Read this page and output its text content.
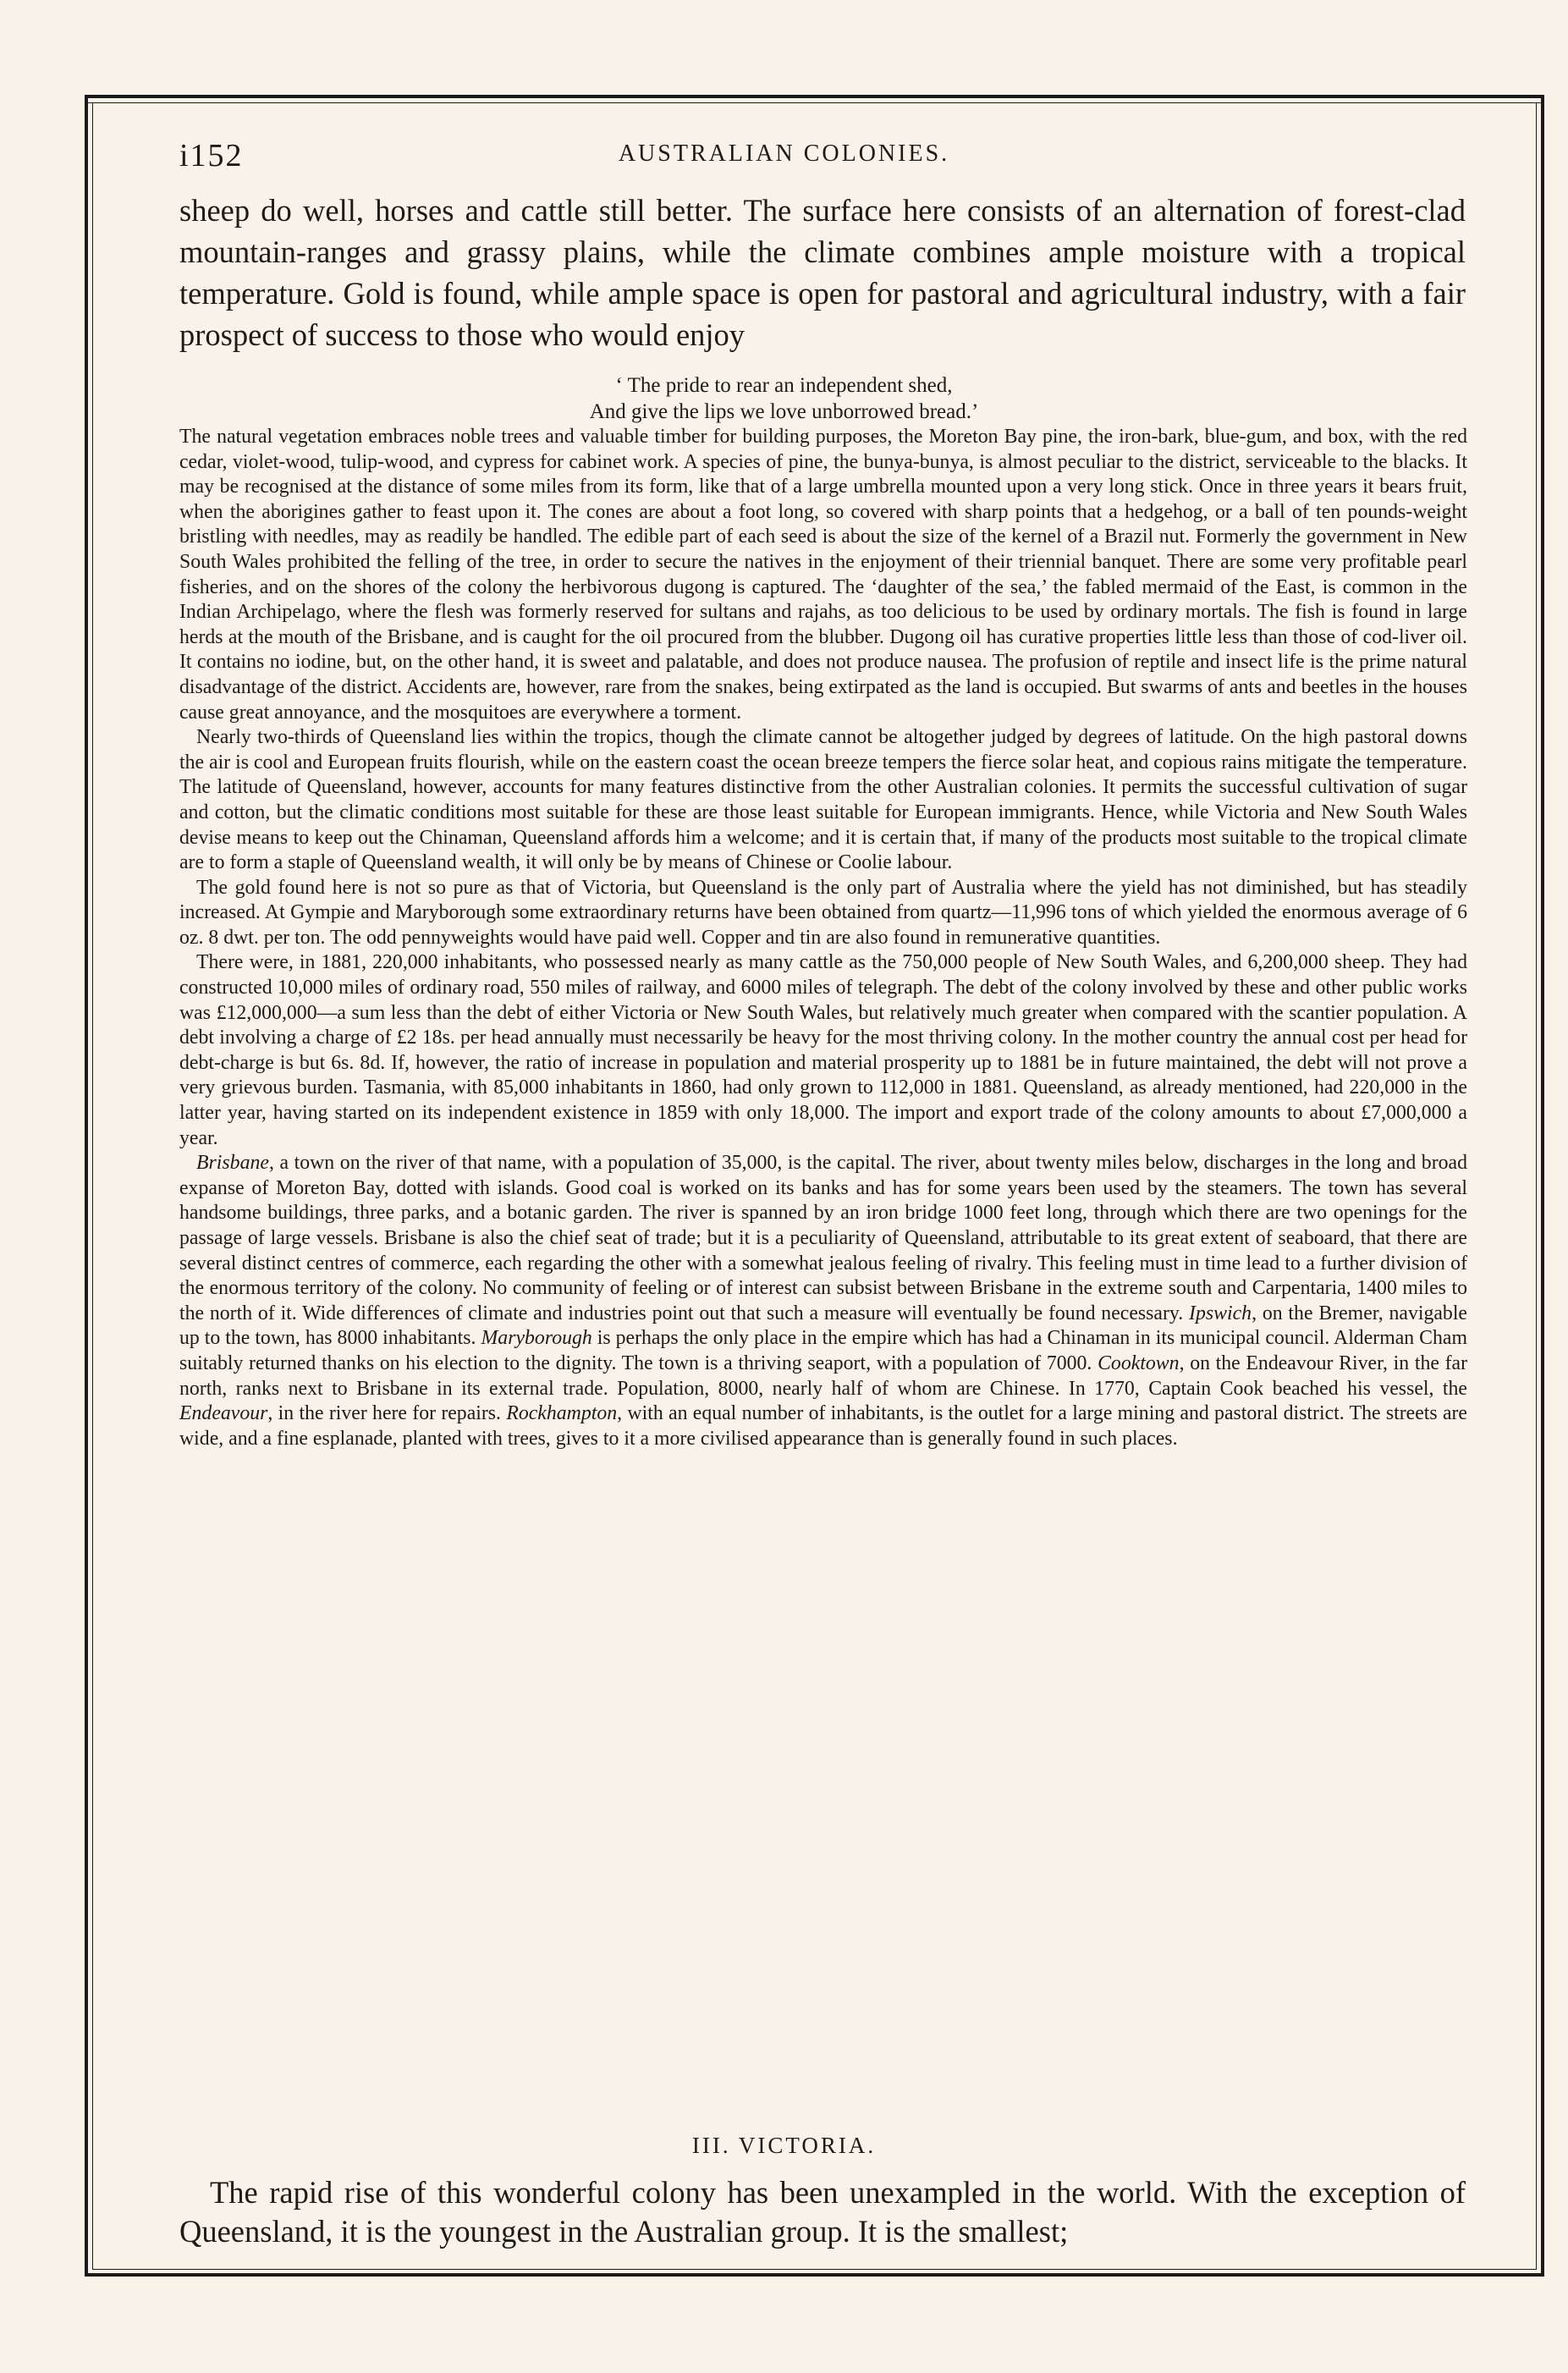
i152	AUSTRALIAN COLONIES.

sheep do well, horses and cattle still better. The surface here consists of an alternation of forest-clad mountain-ranges and grassy plains, while the climate combines ample moisture with a tropical temperature. Gold is found, while ample space is open for pastoral and agricultural industry, with a fair prospect of success to those who would enjoy

‘ The pride to rear an independent shed,
And give the lips we love unborrowed bread.’

The natural vegetation embraces noble trees and valuable timber for building purposes, the Moreton Bay pine, the iron-bark, blue-gum, and box, with the red cedar, violet-wood, tulip-wood, and cypress for cabinet work. A species of pine, the bunya-bunya, is almost peculiar to the district, serviceable to the blacks. It may be recognised at the distance of some miles from its form, like that of a large umbrella mounted upon a very long stick. Once in three years it bears fruit, when the aborigines gather to feast upon it. The cones are about a foot long, so covered with sharp points that a hedgehog, or a ball of ten pounds-weight bristling with needles, may as readily be handled. The edible part of each seed is about the size of the kernel of a Brazil nut. Formerly the government in New South Wales prohibited the felling of the tree, in order to secure the natives in the enjoyment of their triennial banquet. There are some very profitable pearl fisheries, and on the shores of the colony the herbivorous dugong is captured. The ‘daughter of the sea,’ the fabled mermaid of the East, is common in the Indian Archipelago, where the flesh was formerly reserved for sultans and rajahs, as too delicious to be used by ordinary mortals. The fish is found in large herds at the mouth of the Brisbane, and is caught for the oil procured from the blubber. Dugong oil has curative properties little less than those of cod-liver oil. It contains no iodine, but, on the other hand, it is sweet and palatable, and does not produce nausea. The profusion of reptile and insect life is the prime natural disadvantage of the district. Accidents are, however, rare from the snakes, being extirpated as the land is occupied. But swarms of ants and beetles in the houses cause great annoyance, and the mosquitoes are everywhere a torment.

Nearly two-thirds of Queensland lies within the tropics, though the climate cannot be altogether judged by degrees of latitude. On the high pastoral downs the air is cool and European fruits flourish, while on the eastern coast the ocean breeze tempers the fierce solar heat, and copious rains mitigate the temperature. The latitude of Queensland, however, accounts for many features distinctive from the other Australian colonies. It permits the successful cultivation of sugar and cotton, but the climatic conditions most suitable for these are those least suitable for European immigrants. Hence, while Victoria and New South Wales devise means to keep out the Chinaman, Queensland affords him a welcome; and it is certain that, if many of the products most suitable to the tropical climate are to form a staple of Queensland wealth, it will only be by means of Chinese or Coolie labour.

The gold found here is not so pure as that of Victoria, but Queensland is the only part of Australia where the yield has not diminished, but has steadily increased. At Gympie and Maryborough some extraordinary returns have been obtained from quartz—11,996 tons of which yielded the enormous average of 6 oz. 8 dwt. per ton. The odd pennyweights would have paid well. Copper and tin are also found in remunerative quantities.

There were, in 1881, 220,000 inhabitants, who possessed nearly as many cattle as the 750,000 people of New South Wales, and 6,200,000 sheep. They had constructed 10,000 miles of ordinary road, 550 miles of railway, and 6000 miles of telegraph. The debt of the colony involved by these and other public works was £12,000,000—a sum less than the debt of either Victoria or New South Wales, but relatively much greater when compared with the scantier population. A debt involving a charge of £2 18s. per head annually must necessarily be heavy for the most thriving colony. In the mother country the annual cost per head for debt-charge is but 6s. 8d. If, however, the ratio of increase in population and material prosperity up to 1881 be in future maintained, the debt will not prove a very grievous burden. Tasmania, with 85,000 inhabitants in 1860, had only grown to 112,000 in 1881. Queensland, as already mentioned, had 220,000 in the latter year, having started on its independent existence in 1859 with only 18,000. The import and export trade of the colony amounts to about £7,000,000 a year.

Brisbane, a town on the river of that name, with a population of 35,000, is the capital. The river, about twenty miles below, discharges in the long and broad expanse of Moreton Bay, dotted with islands. Good coal is worked on its banks and has for some years been used by the steamers. The town has several handsome buildings, three parks, and a botanic garden. The river is spanned by an iron bridge 1000 feet long, through which there are two openings for the passage of large vessels. Brisbane is also the chief seat of trade; but it is a peculiarity of Queensland, attributable to its great extent of seaboard, that there are several distinct centres of commerce, each regarding the other with a somewhat jealous feeling of rivalry. This feeling must in time lead to a further division of the enormous territory of the colony. No community of feeling or of interest can subsist between Brisbane in the extreme south and Carpentaria, 1400 miles to the north of it. Wide differences of climate and industries point out that such a measure will eventually be found necessary. Ipswich, on the Bremer, navigable up to the town, has 8000 inhabitants. Maryborough is perhaps the only place in the empire which has had a Chinaman in its municipal council. Alderman Cham suitably returned thanks on his election to the dignity. The town is a thriving seaport, with a population of 7000. Cooktown, on the Endeavour River, in the far north, ranks next to Brisbane in its external trade. Population, 8000, nearly half of whom are Chinese. In 1770, Captain Cook beached his vessel, the Endeavour, in the river here for repairs. Rockhampton, with an equal number of inhabitants, is the outlet for a large mining and pastoral district. The streets are wide, and a fine esplanade, planted with trees, gives to it a more civilised appearance than is generally found in such places.

III. VICTORIA.

The rapid rise of this wonderful colony has been unexampled in the world. With the exception of Queensland, it is the youngest in the Australian group. It is the smallest;
